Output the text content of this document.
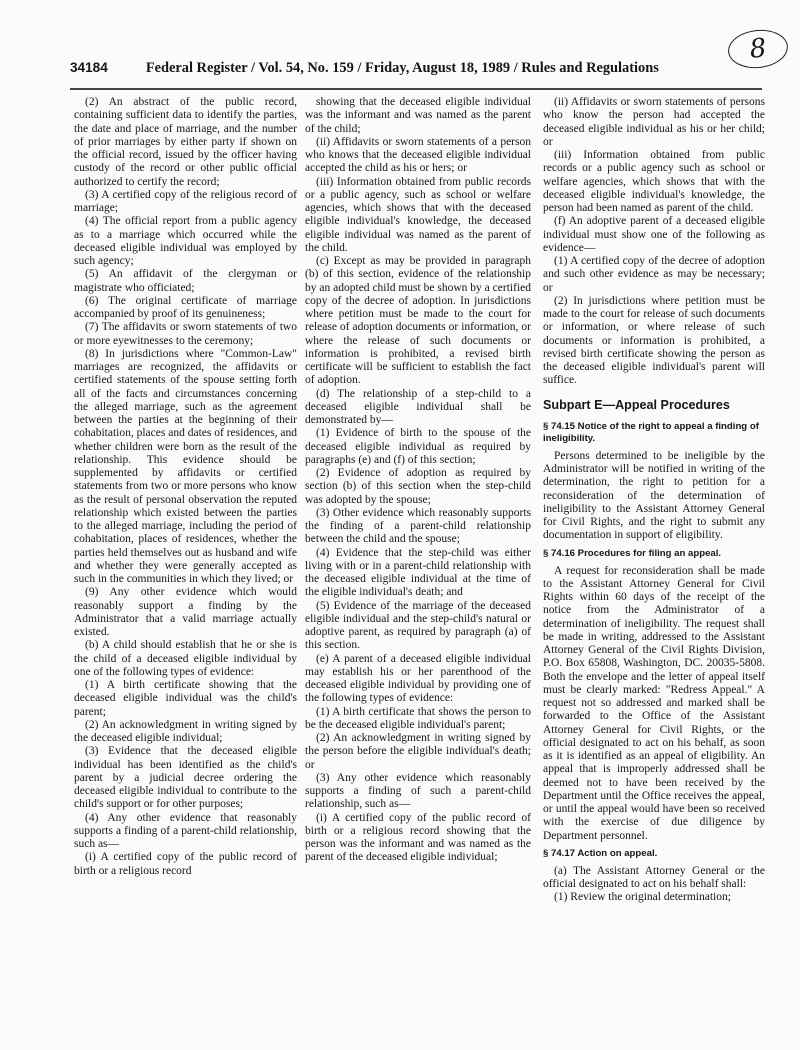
8
34184	Federal Register / Vol. 54, No. 159 / Friday, August 18, 1989 / Rules and Regulations

(2) An abstract of the public record, containing sufficient data to identify the parties, the date and place of marriage, and the number of prior marriages by either party if shown on the official record, issued by the officer having custody of the record or other public official authorized to certify the record;

(3) A certified copy of the religious record of marriage;

(4) The official report from a public agency as to a marriage which occurred while the deceased eligible individual was employed by such agency;

(5) An affidavit of the clergyman or magistrate who officiated;

(6) The original certificate of marriage accompanied by proof of its genuineness;

(7) The affidavits or sworn statements of two or more eyewitnesses to the ceremony;

(8) In jurisdictions where "Common-Law" marriages are recognized, the affidavits or certified statements of the spouse setting forth all of the facts and circumstances concerning the alleged marriage, such as the agreement between the parties at the beginning of their cohabitation, places and dates of residences, and whether children were born as the result of the relationship. This evidence should be supplemented by affidavits or certified statements from two or more persons who know as the result of personal observation the reputed relationship which existed between the parties to the alleged marriage, including the period of cohabitation, places of residences, whether the parties held themselves out as husband and wife and whether they were generally accepted as such in the communities in which they lived; or

(9) Any other evidence which would reasonably support a finding by the Administrator that a valid marriage actually existed.

(b) A child should establish that he or she is the child of a deceased eligible individual by one of the following types of evidence:

(1) A birth certificate showing that the deceased eligible individual was the child's parent;

(2) An acknowledgment in writing signed by the deceased eligible individual;

(3) Evidence that the deceased eligible individual has been identified as the child's parent by a judicial decree ordering the deceased eligible individual to contribute to the child's support or for other purposes;

(4) Any other evidence that reasonably supports a finding of a parent-child relationship, such as—

(i) A certified copy of the public record of birth or a religious record

showing that the deceased eligible individual was the informant and was named as the parent of the child;

(ii) Affidavits or sworn statements of a person who knows that the deceased eligible individual accepted the child as his or hers; or

(iii) Information obtained from public records or a public agency, such as school or welfare agencies, which shows that with the deceased eligible individual's knowledge, the deceased eligible individual was named as the parent of the child.

(c) Except as may be provided in paragraph (b) of this section, evidence of the relationship by an adopted child must be shown by a certified copy of the decree of adoption. In jurisdictions where petition must be made to the court for release of adoption documents or information, or where the release of such documents or information is prohibited, a revised birth certificate will be sufficient to establish the fact of adoption.

(d) The relationship of a step-child to a deceased eligible individual shall be demonstrated by—

(1) Evidence of birth to the spouse of the deceased eligible individual as required by paragraphs (e) and (f) of this section;

(2) Evidence of adoption as required by section (b) of this section when the step-child was adopted by the spouse;

(3) Other evidence which reasonably supports the finding of a parent-child relationship between the child and the spouse;

(4) Evidence that the step-child was either living with or in a parent-child relationship with the deceased eligible individual at the time of the eligible individual's death; and

(5) Evidence of the marriage of the deceased eligible individual and the step-child's natural or adoptive parent, as required by paragraph (a) of this section.

(e) A parent of a deceased eligible individual may establish his or her parenthood of the deceased eligible individual by providing one of the following types of evidence:

(1) A birth certificate that shows the person to be the deceased eligible individual's parent;

(2) An acknowledgment in writing signed by the person before the eligible individual's death; or

(3) Any other evidence which reasonably supports a finding of such a parent-child relationship, such as—

(i) A certified copy of the public record of birth or a religious record showing that the person was the informant and was named as the parent of the deceased eligible individual;

(ii) Affidavits or sworn statements of persons who know the person had accepted the deceased eligible individual as his or her child; or

(iii) Information obtained from public records or a public agency such as school or welfare agencies, which shows that with the deceased eligible individual's knowledge, the person had been named as parent of the child.

(f) An adoptive parent of a deceased eligible individual must show one of the following as evidence—

(1) A certified copy of the decree of adoption and such other evidence as may be necessary; or

(2) In jurisdictions where petition must be made to the court for release of such documents or information, or where release of such documents or information is prohibited, a revised birth certificate showing the person as the deceased eligible individual's parent will suffice.

Subpart E—Appeal Procedures
§ 74.15 Notice of the right to appeal a finding of ineligibility.

Persons determined to be ineligible by the Administrator will be notified in writing of the determination, the right to petition for a reconsideration of the determination of ineligibility to the Assistant Attorney General for Civil Rights, and the right to submit any documentation in support of eligibility.

§ 74.16 Procedures for filing an appeal.

A request for reconsideration shall be made to the Assistant Attorney General for Civil Rights within 60 days of the receipt of the notice from the Administrator of a determination of ineligibility. The request shall be made in writing, addressed to the Assistant Attorney General of the Civil Rights Division, P.O. Box 65808, Washington, DC. 20035-5808. Both the envelope and the letter of appeal itself must be clearly marked: "Redress Appeal." A request not so addressed and marked shall be forwarded to the Office of the Assistant Attorney General for Civil Rights, or the official designated to act on his behalf, as soon as it is identified as an appeal of eligibility. An appeal that is improperly addressed shall be deemed not to have been received by the Department until the Office receives the appeal, or until the appeal would have been so received with the exercise of due diligence by Department personnel.

§ 74.17 Action on appeal.

(a) The Assistant Attorney General or the official designated to act on his behalf shall:

(1) Review the original determination;
